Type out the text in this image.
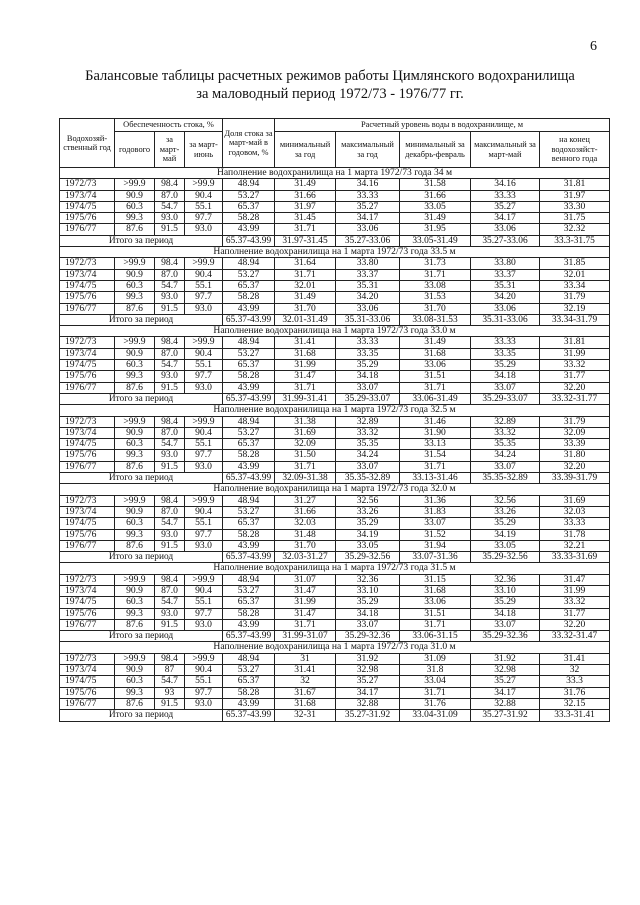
6
Балансовые таблицы расчетных режимов работы Цимлянского водохранилища
за маловодный период 1972/73 - 1976/77 гг.
Водохозяй-ственный год	Обеспеченность стока, %			Доля стока за март-май в годовом, %	Расчетный уровень воды в водохранилище, м				
	годового	за март-май	за март-июнь		минимальный за год	максимальный за год	минимальный за декабрь-февраль	максимальный за март-май	на конец водохозяйст-венного года
Наполнение водохранилища на 1 марта 1972/73 года 34 м									
1972/73	>99.9	98.4	>99.9	48.94	31.49	34.16	31.58	34.16	31.81
1973/74	90.9	87.0	90.4	53.27	31.66	33.33	31.66	33.33	31.97
1974/75	60.3	54.7	55.1	65.37	31.97	35.27	33.05	35.27	33.30
1975/76	99.3	93.0	97.7	58.28	31.45	34.17	31.49	34.17	31.75
1976/77	87.6	91.5	93.0	43.99	31.71	33.06	31.95	33.06	32.32
Итого за период				65.37-43.99	31.97-31.45	35.27-33.06	33.05-31.49	35.27-33.06	33.3-31.75
Наполнение водохранилища на 1 марта 1972/73 года 33.5 м									
1972/73	>99.9	98.4	>99.9	48.94	31.64	33.80	31.73	33.80	31.85
1973/74	90.9	87.0	90.4	53.27	31.71	33.37	31.71	33.37	32.01
1974/75	60.3	54.7	55.1	65.37	32.01	35.31	33.08	35.31	33.34
1975/76	99.3	93.0	97.7	58.28	31.49	34.20	31.53	34.20	31.79
1976/77	87.6	91.5	93.0	43.99	31.70	33.06	31.70	33.06	32.19
Итого за период				65.37-43.99	32.01-31.49	35.31-33.06	33.08-31.53	35.31-33.06	33.34-31.79
Наполнение водохранилища на 1 марта 1972/73 года 33.0 м									
1972/73	>99.9	98.4	>99.9	48.94	31.41	33.33	31.49	33.33	31.81
1973/74	90.9	87.0	90.4	53.27	31.68	33.35	31.68	33.35	31.99
1974/75	60.3	54.7	55.1	65.37	31.99	35.29	33.06	35.29	33.32
1975/76	99.3	93.0	97.7	58.28	31.47	34.18	31.51	34.18	31.77
1976/77	87.6	91.5	93.0	43.99	31.71	33.07	31.71	33.07	32.20
Итого за период				65.37-43.99	31.99-31.41	35.29-33.07	33.06-31.49	35.29-33.07	33.32-31.77
Наполнение водохранилища на 1 марта 1972/73 года 32.5 м									
1972/73	>99.9	98.4	>99.9	48.94	31.38	32.89	31.46	32.89	31.79
1973/74	90.9	87.0	90.4	53.27	31.69	33.32	31.90	33.32	32.09
1974/75	60.3	54.7	55.1	65.37	32.09	35.35	33.13	35.35	33.39
1975/76	99.3	93.0	97.7	58.28	31.50	34.24	31.54	34.24	31.80
1976/77	87.6	91.5	93.0	43.99	31.71	33.07	31.71	33.07	32.20
Итого за период				65.37-43.99	32.09-31.38	35.35-32.89	33.13-31.46	35.35-32.89	33.39-31.79
Наполнение водохранилища на 1 марта 1972/73 года 32.0 м									
1972/73	>99.9	98.4	>99.9	48.94	31.27	32.56	31.36	32.56	31.69
1973/74	90.9	87.0	90.4	53.27	31.66	33.26	31.83	33.26	32.03
1974/75	60.3	54.7	55.1	65.37	32.03	35.29	33.07	35.29	33.33
1975/76	99.3	93.0	97.7	58.28	31.48	34.19	31.52	34.19	31.78
1976/77	87.6	91.5	93.0	43.99	31.70	33.05	31.94	33.05	32.21
Итого за период				65.37-43.99	32.03-31.27	35.29-32.56	33.07-31.36	35.29-32.56	33.33-31.69
Наполнение водохранилища на 1 марта 1972/73 года 31.5 м									
1972/73	>99.9	98.4	>99.9	48.94	31.07	32.36	31.15	32.36	31.47
1973/74	90.9	87.0	90.4	53.27	31.47	33.10	31.68	33.10	31.99
1974/75	60.3	54.7	55.1	65.37	31.99	35.29	33.06	35.29	33.32
1975/76	99.3	93.0	97.7	58.28	31.47	34.18	31.51	34.18	31.77
1976/77	87.6	91.5	93.0	43.99	31.71	33.07	31.71	33.07	32.20
Итого за период				65.37-43.99	31.99-31.07	35.29-32.36	33.06-31.15	35.29-32.36	33.32-31.47
Наполнение водохранилища на 1 марта 1972/73 года 31.0 м									
1972/73	>99.9	98.4	>99.9	48.94	31	31.92	31.09	31.92	31.41
1973/74	90.9	87	90.4	53.27	31.41	32.98	31.8	32.98	32
1974/75	60.3	54.7	55.1	65.37	32	35.27	33.04	35.27	33.3
1975/76	99.3	93	97.7	58.28	31.67	34.17	31.71	34.17	31.76
1976/77	87.6	91.5	93.0	43.99	31.68	32.88	31.76	32.88	32.15
Итого за период				65.37-43.99	32-31	35.27-31.92	33.04-31.09	35.27-31.92	33.3-31.41
